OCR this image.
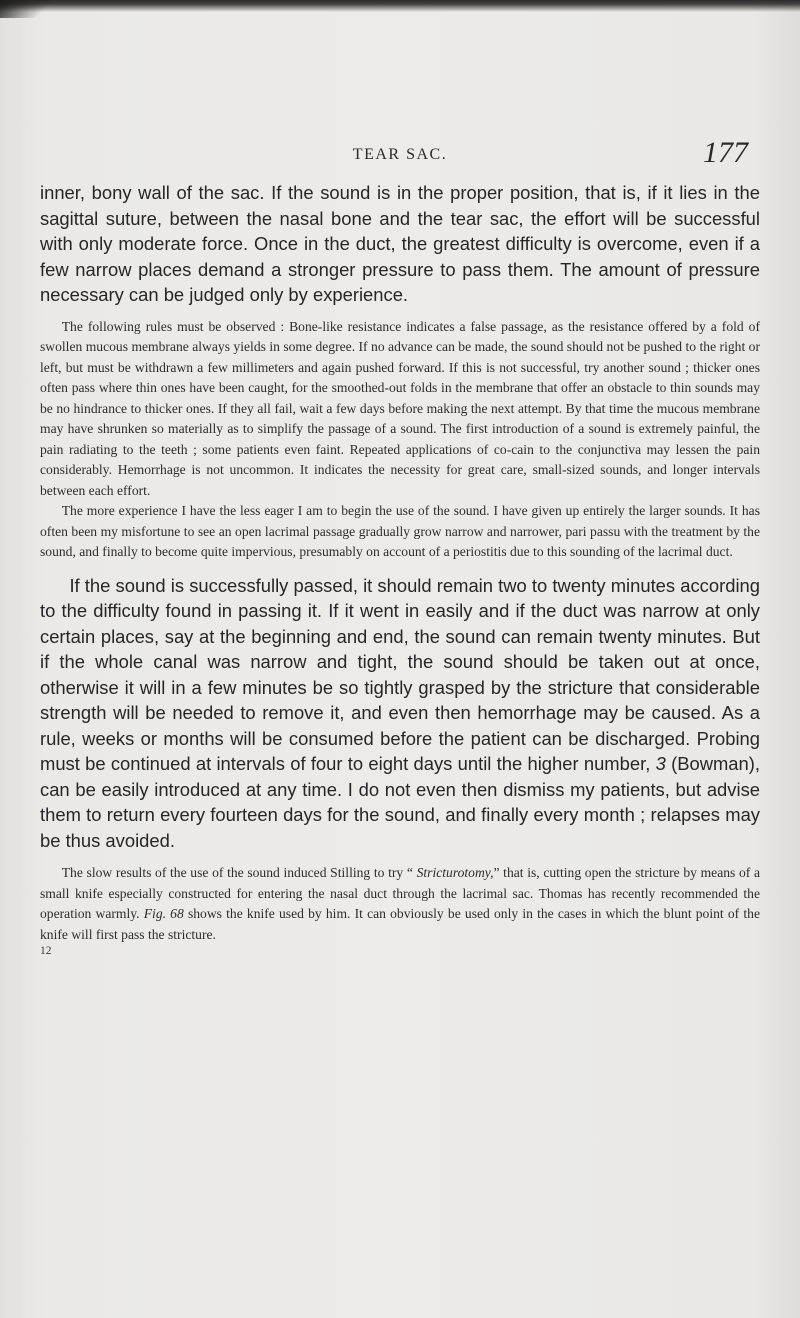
TEAR SAC.	177

inner, bony wall of the sac. If the sound is in the proper position, that is, if it lies in the sagittal suture, between the nasal bone and the tear sac, the effort will be successful with only moderate force. Once in the duct, the greatest difficulty is overcome, even if a few narrow places demand a stronger pressure to pass them. The amount of pressure necessary can be judged only by experience.

The following rules must be observed : Bone-like resistance indicates a false passage, as the resistance offered by a fold of swollen mucous membrane always yields in some degree. If no advance can be made, the sound should not be pushed to the right or left, but must be withdrawn a few millimeters and again pushed forward. If this is not successful, try another sound ; thicker ones often pass where thin ones have been caught, for the smoothed-out folds in the membrane that offer an obstacle to thin sounds may be no hindrance to thicker ones. If they all fail, wait a few days before making the next attempt. By that time the mucous membrane may have shrunken so materially as to simplify the passage of a sound. The first introduction of a sound is extremely painful, the pain radiating to the teeth ; some patients even faint. Repeated applications of co-cain to the conjunctiva may lessen the pain considerably. Hemorrhage is not uncommon. It indicates the necessity for great care, small-sized sounds, and longer intervals between each effort.

The more experience I have the less eager I am to begin the use of the sound. I have given up entirely the larger sounds. It has often been my misfortune to see an open lacrimal passage gradually grow narrow and narrower, pari passu with the treatment by the sound, and finally to become quite impervious, presumably on account of a periostitis due to this sounding of the lacrimal duct.

If the sound is successfully passed, it should remain two to twenty minutes according to the difficulty found in passing it. If it went in easily and if the duct was narrow at only certain places, say at the beginning and end, the sound can remain twenty minutes. But if the whole canal was narrow and tight, the sound should be taken out at once, otherwise it will in a few minutes be so tightly grasped by the stricture that considerable strength will be needed to remove it, and even then hemorrhage may be caused. As a rule, weeks or months will be consumed before the patient can be discharged. Probing must be continued at intervals of four to eight days until the higher number, 3 (Bowman), can be easily introduced at any time. I do not even then dismiss my patients, but advise them to return every fourteen days for the sound, and finally every month ; relapses may be thus avoided.

The slow results of the use of the sound induced Stilling to try “ Stricturotomy,” that is, cutting open the stricture by means of a small knife especially constructed for entering the nasal duct through the lacrimal sac. Thomas has recently recommended the operation warmly. Fig. 68 shows the knife used by him. It can obviously be used only in the cases in which the blunt point of the knife will first pass the stricture.

12
